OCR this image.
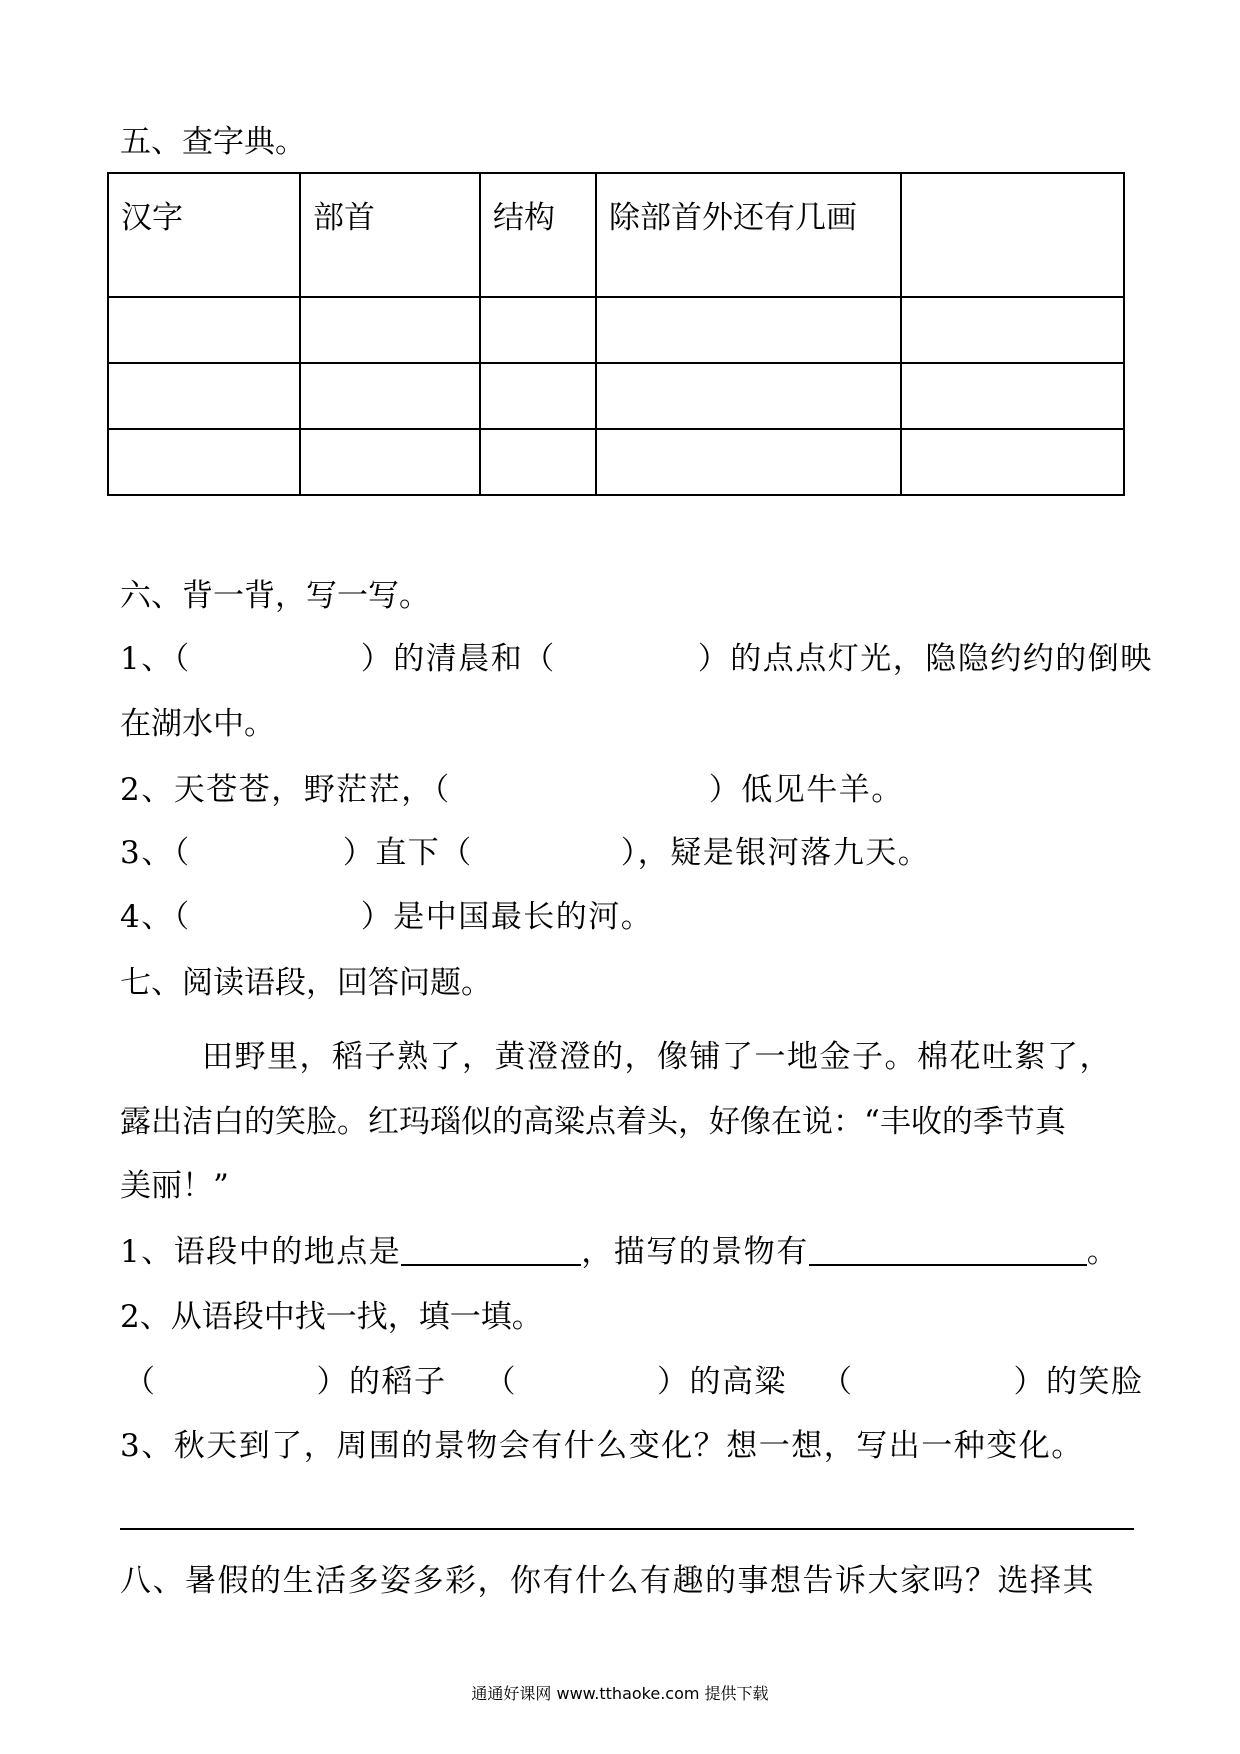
五、查字典。
汉字	部首	结构	除部首外还有几画	

六、背一背，写一写。
1、（	）的清晨和（	）的点点灯光，隐隐约约的倒映
在湖水中。
2、天苍苍，野茫茫，（	）低见牛羊。
3、（	）直下（	），疑是银河落九天。
4、（	）是中国最长的河。
七、阅读语段，回答问题。
田野里，稻子熟了，黄澄澄的，像铺了一地金子。棉花吐絮了，
露出洁白的笑脸。红玛瑙似的高粱点着头，好像在说：“丰收的季节真
美丽！”
1、语段中的地点是	，描写的景物有	。
2、从语段中找一找，填一填。
（	）的稻子 （	）的高粱 （	）的笑脸
3、秋天到了，周围的景物会有什么变化？想一想，写出一种变化。
八、暑假的生活多姿多彩，你有什么有趣的事想告诉大家吗？选择其
通通好课网 www.tthaoke.com 提供下载
